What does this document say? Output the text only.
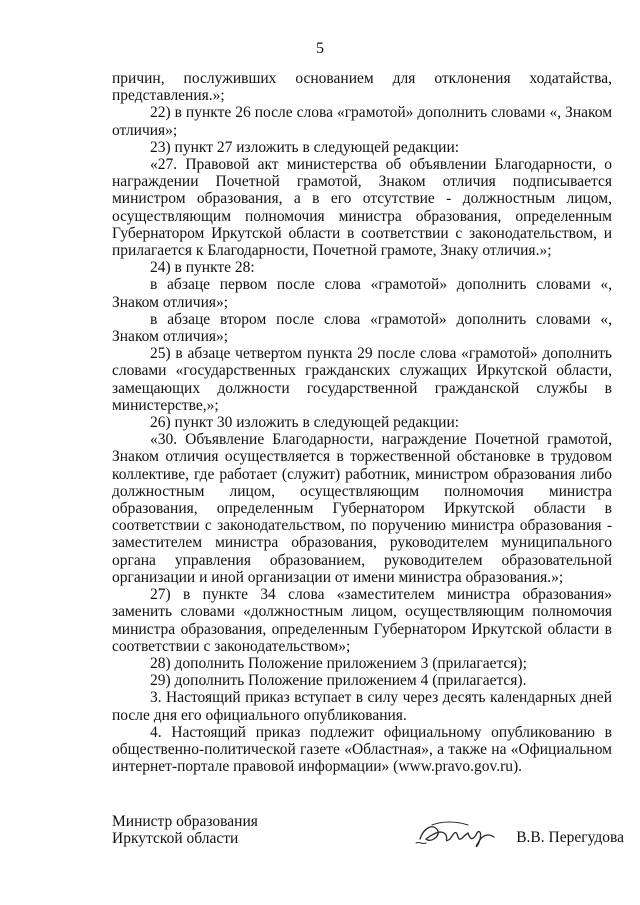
5

причин, послуживших основанием для отклонения ходатайства, представления.»;

22) в пункте 26 после слова «грамотой» дополнить словами «, Знаком отличия»;

23) пункт 27 изложить в следующей редакции:

«27. Правовой акт министерства об объявлении Благодарности, о награждении Почетной грамотой, Знаком отличия подписывается министром образования, а в его отсутствие - должностным лицом, осуществляющим полномочия министра образования, определенным Губернатором Иркутской области в соответствии с законодательством, и прилагается к Благодарности, Почетной грамоте, Знаку отличия.»;

24) в пункте 28:

в абзаце первом после слова «грамотой» дополнить словами «, Знаком отличия»;

в абзаце втором после слова «грамотой» дополнить словами «, Знаком отличия»;

25) в абзаце четвертом пункта 29 после слова «грамотой» дополнить словами «государственных гражданских служащих Иркутской области, замещающих должности государственной гражданской службы в министерстве,»;

26) пункт 30 изложить в следующей редакции:

«30. Объявление Благодарности, награждение Почетной грамотой, Знаком отличия осуществляется в торжественной обстановке в трудовом коллективе, где работает (служит) работник, министром образования либо должностным лицом, осуществляющим полномочия министра образования, определенным Губернатором Иркутской области в соответствии с законодательством, по поручению министра образования - заместителем министра образования, руководителем муниципального органа управления образованием, руководителем образовательной организации и иной организации от имени министра образования.»;

27) в пункте 34 слова «заместителем министра образования» заменить словами «должностным лицом, осуществляющим полномочия министра образования, определенным Губернатором Иркутской области в соответствии с законодательством»;

28) дополнить Положение приложением 3 (прилагается);

29) дополнить Положение приложением 4 (прилагается).

3. Настоящий приказ вступает в силу через десять календарных дней после дня его официального опубликования.

4. Настоящий приказ подлежит официальному опубликованию в общественно-политической газете «Областная», а также на «Официальном интернет-портале правовой информации» (www.pravo.gov.ru).

Министр образования
Иркутской области	В.В. Перегудова
